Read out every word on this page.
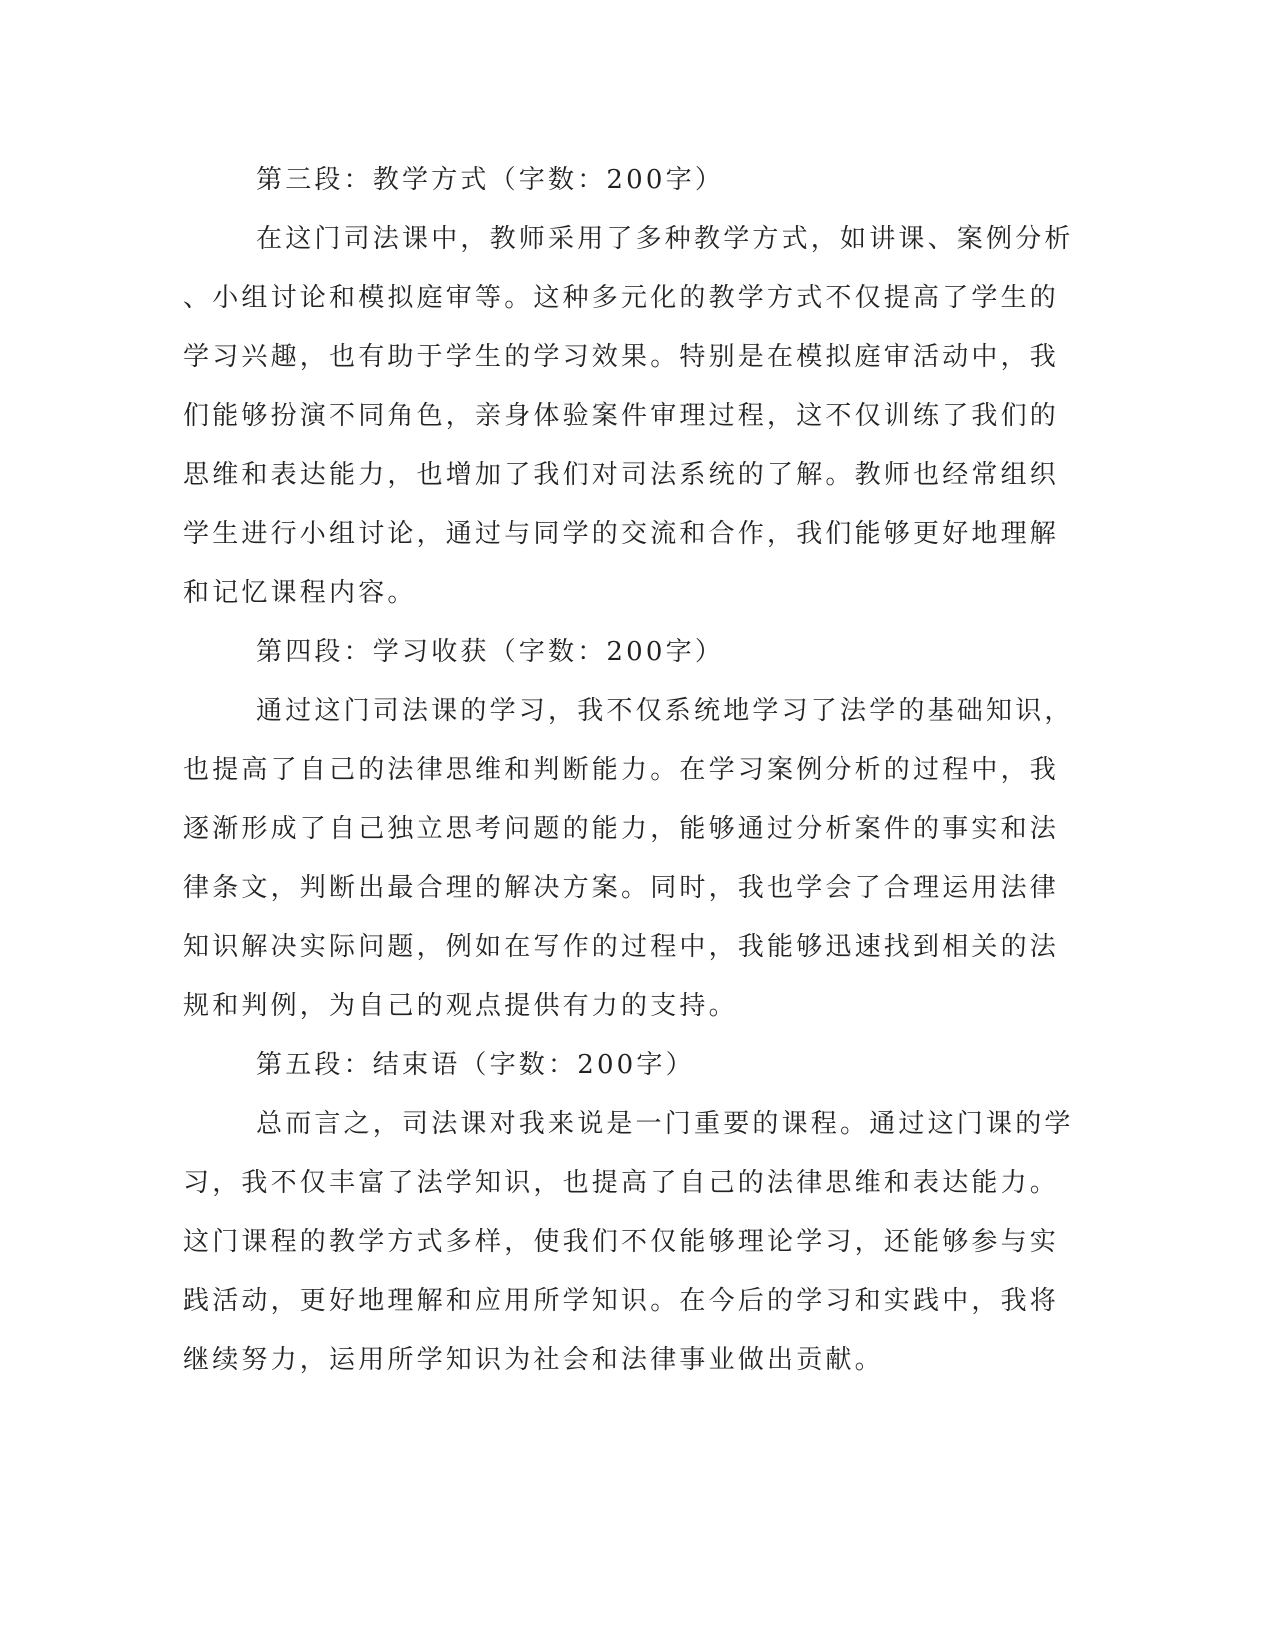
第三段：教学方式（字数：200字）

在这门司法课中，教师采用了多种教学方式，如讲课、案例分析

、小组讨论和模拟庭审等。这种多元化的教学方式不仅提高了学生的

学习兴趣，也有助于学生的学习效果。特别是在模拟庭审活动中，我

们能够扮演不同角色，亲身体验案件审理过程，这不仅训练了我们的

思维和表达能力，也增加了我们对司法系统的了解。教师也经常组织

学生进行小组讨论，通过与同学的交流和合作，我们能够更好地理解

和记忆课程内容。

第四段：学习收获（字数：200字）

通过这门司法课的学习，我不仅系统地学习了法学的基础知识，

也提高了自己的法律思维和判断能力。在学习案例分析的过程中，我

逐渐形成了自己独立思考问题的能力，能够通过分析案件的事实和法

律条文，判断出最合理的解决方案。同时，我也学会了合理运用法律

知识解决实际问题，例如在写作的过程中，我能够迅速找到相关的法

规和判例，为自己的观点提供有力的支持。

第五段：结束语（字数：200字）

总而言之，司法课对我来说是一门重要的课程。通过这门课的学

习，我不仅丰富了法学知识，也提高了自己的法律思维和表达能力。

这门课程的教学方式多样，使我们不仅能够理论学习，还能够参与实

践活动，更好地理解和应用所学知识。在今后的学习和实践中，我将

继续努力，运用所学知识为社会和法律事业做出贡献。
